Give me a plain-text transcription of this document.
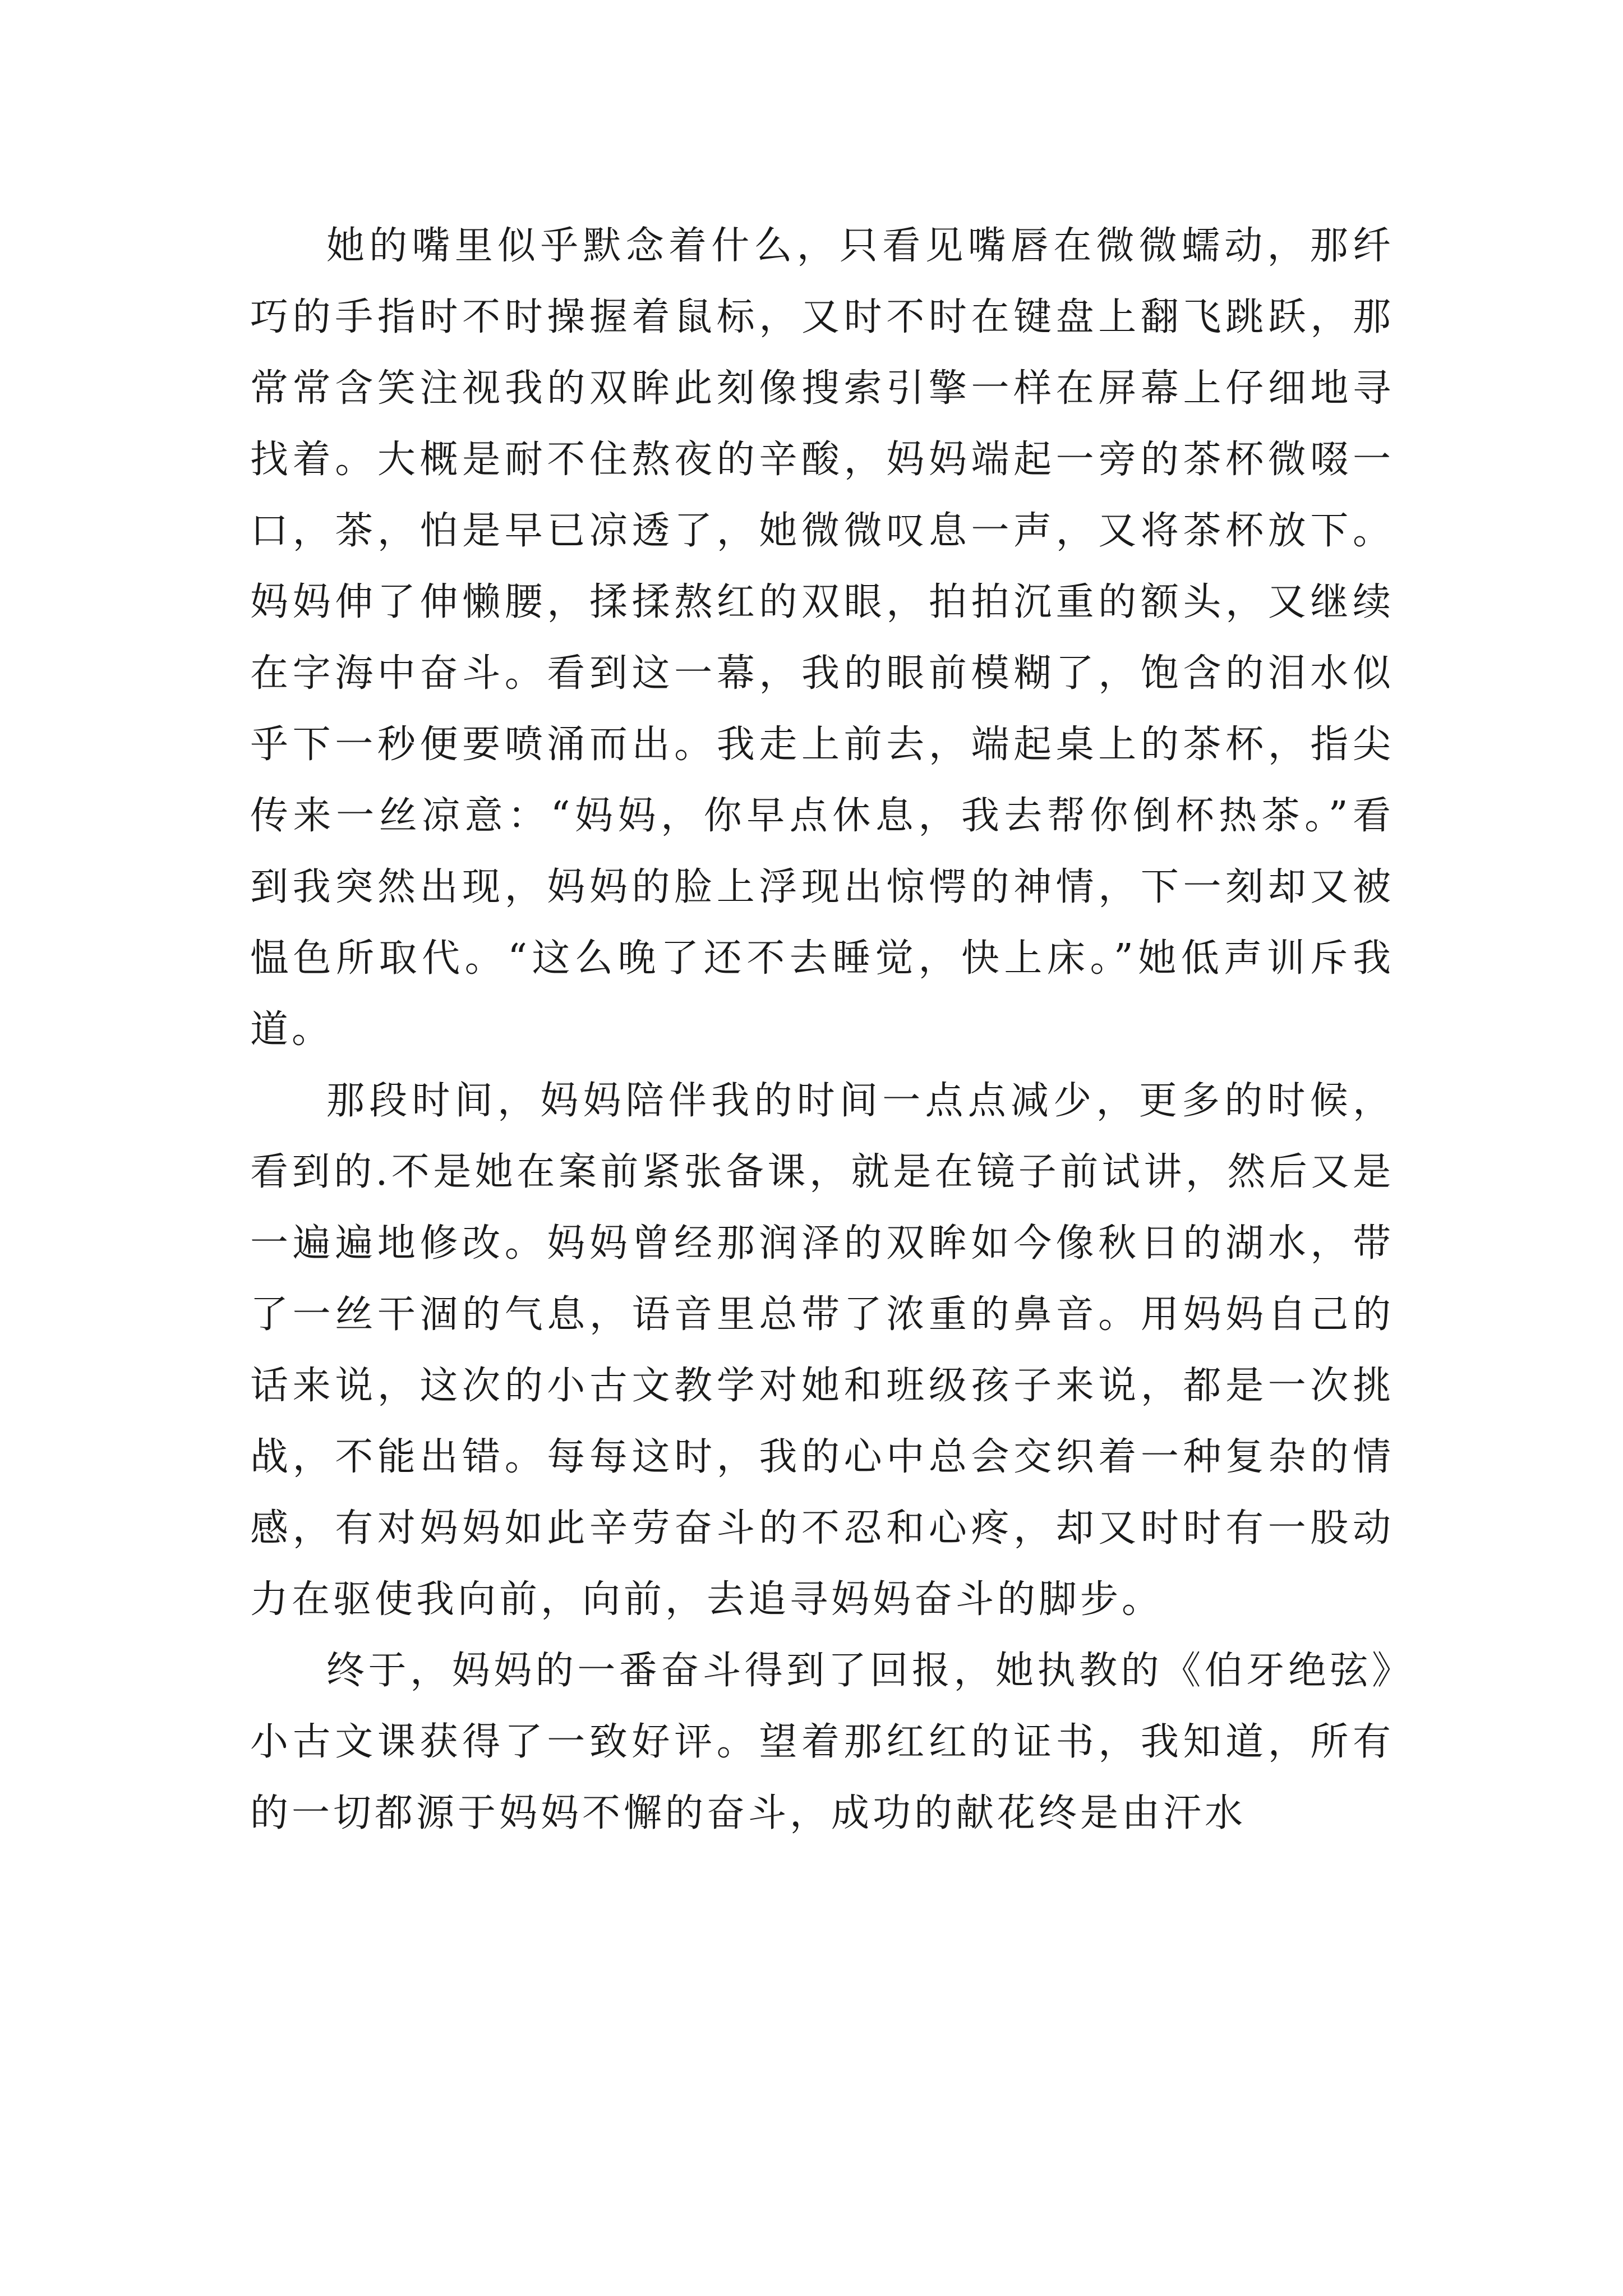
她的嘴里似乎默念着什么，只看见嘴唇在微微蠕动，那纤巧的手指时不时操握着鼠标，又时不时在键盘上翻飞跳跃，那常常含笑注视我的双眸此刻像搜索引擎一样在屏幕上仔细地寻找着。大概是耐不住熬夜的辛酸，妈妈端起一旁的茶杯微啜一口，茶，怕是早已凉透了，她微微叹息一声，又将茶杯放下。妈妈伸了伸懒腰，揉揉熬红的双眼，拍拍沉重的额头，又继续在字海中奋斗。看到这一幕，我的眼前模糊了，饱含的泪水似乎下一秒便要喷涌而出。我走上前去，端起桌上的茶杯，指尖传来一丝凉意：“妈妈，你早点休息，我去帮你倒杯热茶。”看到我突然出现，妈妈的脸上浮现出惊愕的神情，下一刻却又被愠色所取代。“这么晚了还不去睡觉，快上床。”她低声训斥我道。

那段时间，妈妈陪伴我的时间一点点减少，更多的时候，看到的.不是她在案前紧张备课，就是在镜子前试讲，然后又是一遍遍地修改。妈妈曾经那润泽的双眸如今像秋日的湖水，带了一丝干涸的气息，语音里总带了浓重的鼻音。用妈妈自己的话来说，这次的小古文教学对她和班级孩子来说，都是一次挑战，不能出错。每每这时，我的心中总会交织着一种复杂的情感，有对妈妈如此辛劳奋斗的不忍和心疼，却又时时有一股动力在驱使我向前，向前，去追寻妈妈奋斗的脚步。

终于，妈妈的一番奋斗得到了回报，她执教的《伯牙绝弦》小古文课获得了一致好评。望着那红红的证书，我知道，所有的一切都源于妈妈不懈的奋斗，成功的献花终是由汗水
